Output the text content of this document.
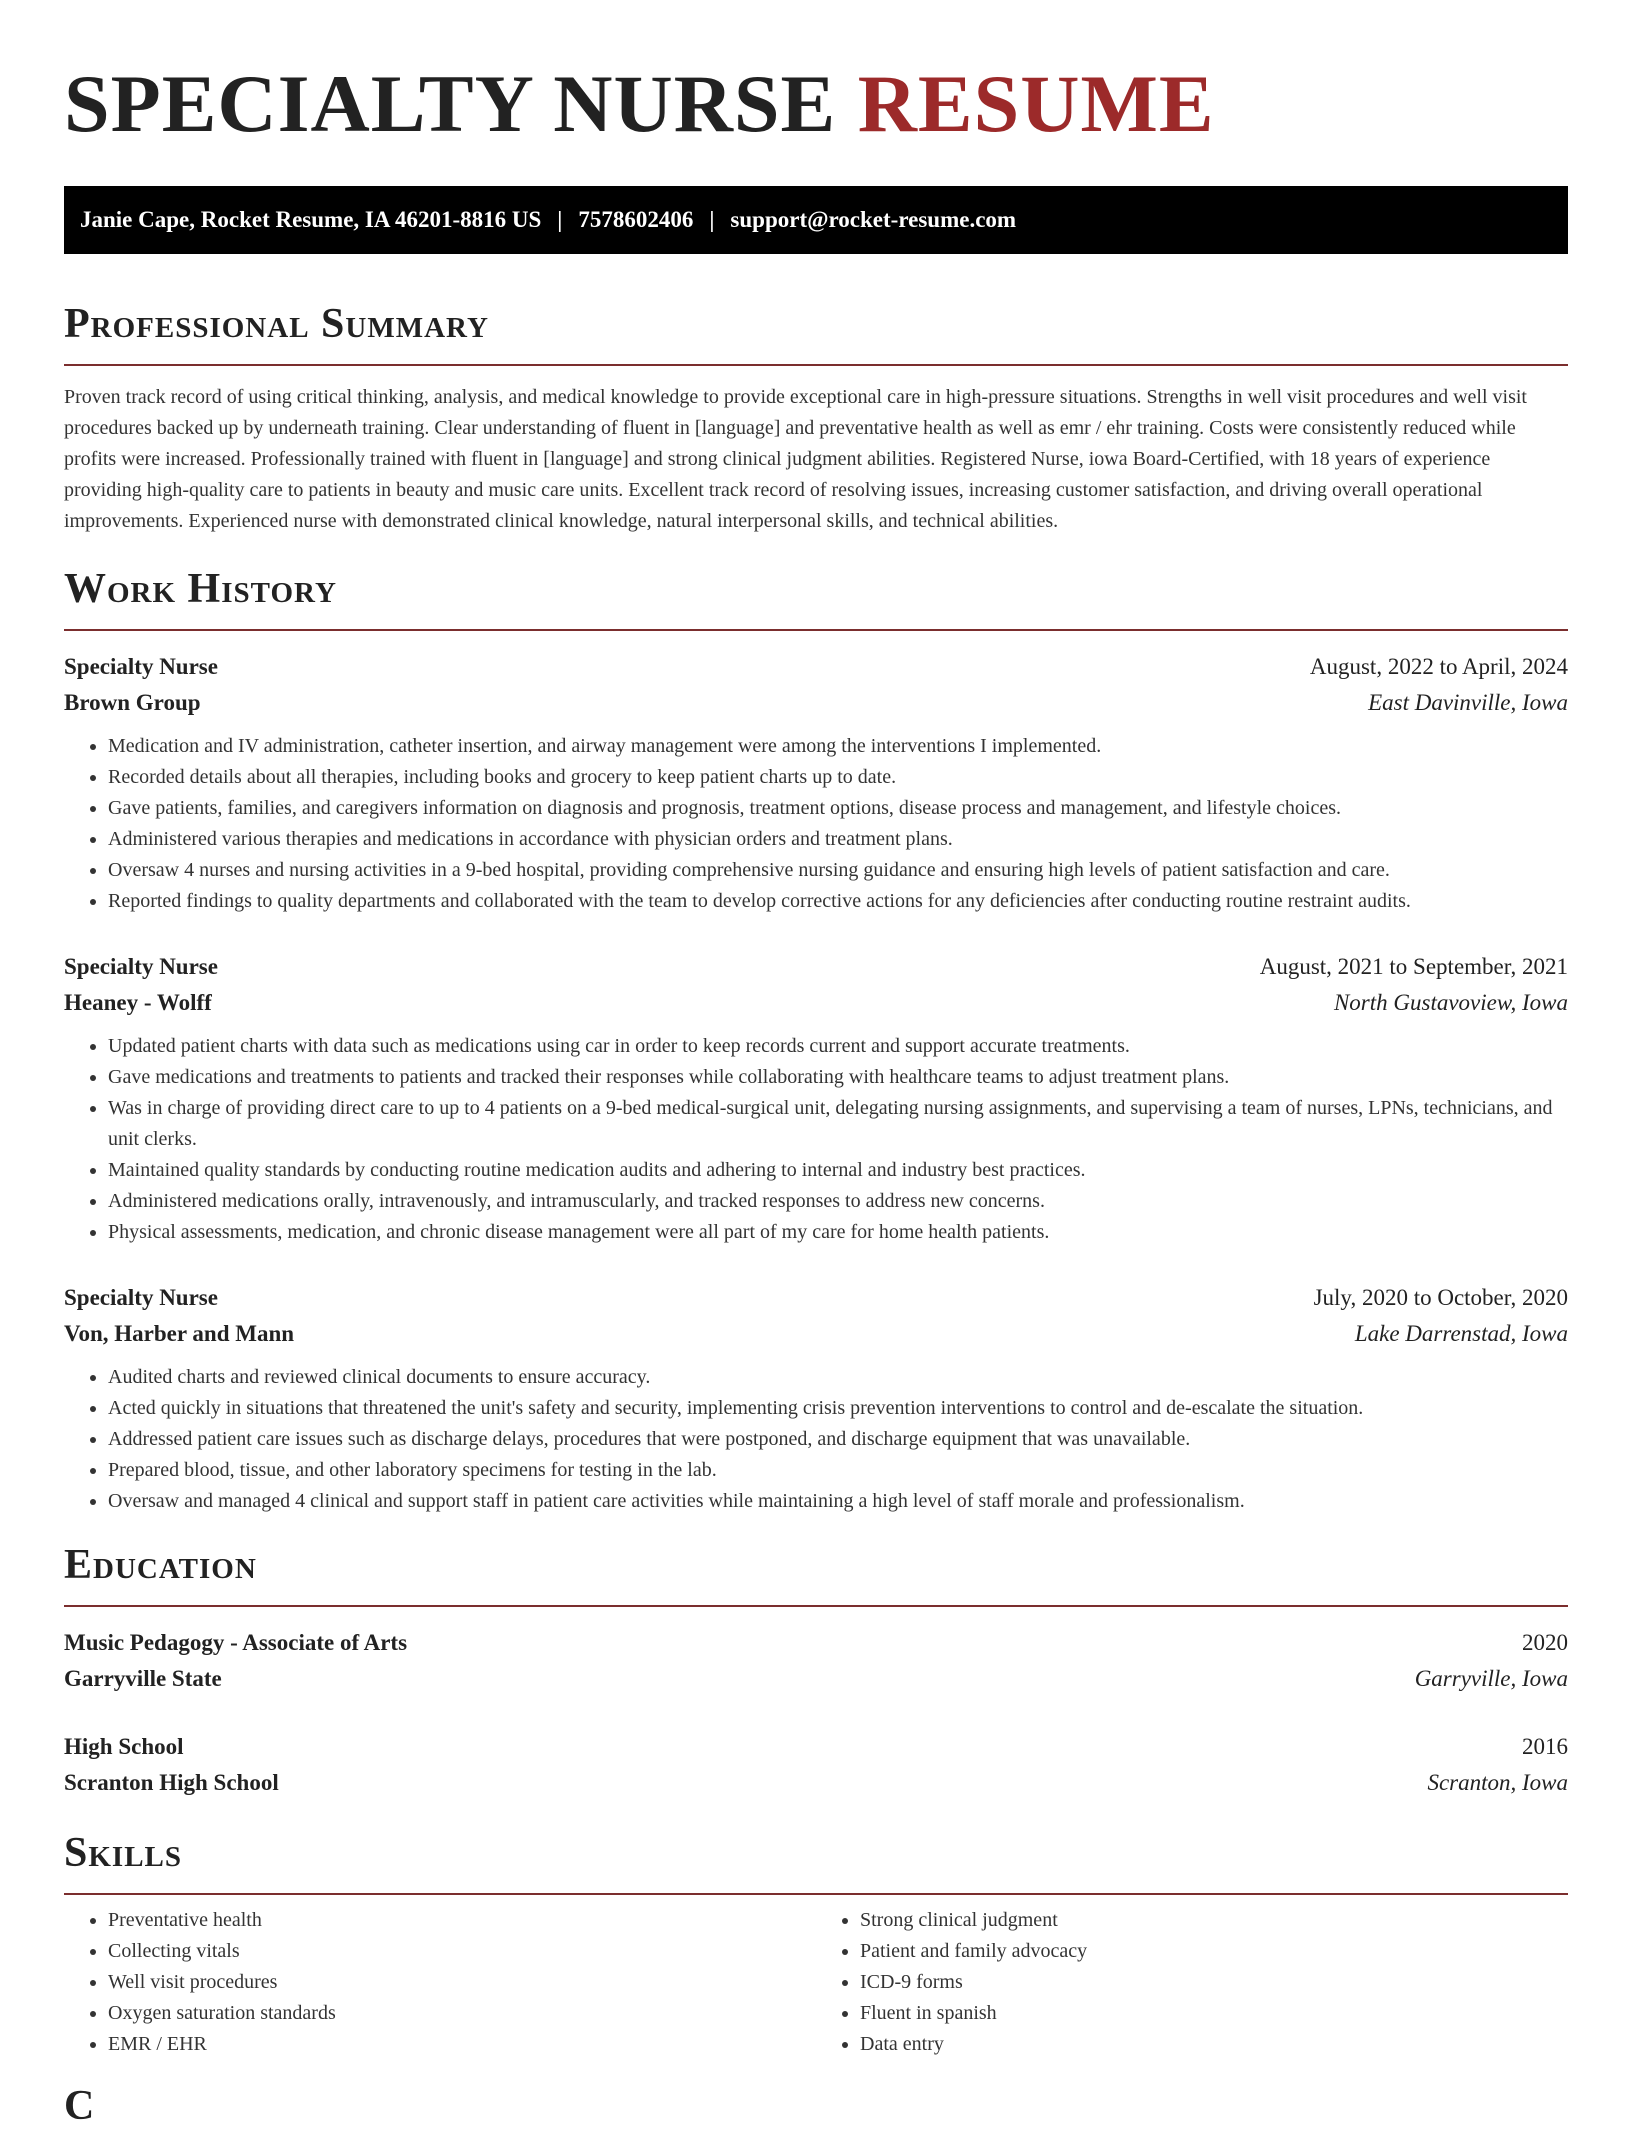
SPECIALTY NURSE RESUME
Janie Cape, Rocket Resume, IA 46201-8816 US | 7578602406 | support@rocket-resume.com
Professional Summary
Proven track record of using critical thinking, analysis, and medical knowledge to provide exceptional care in high-pressure situations. Strengths in well visit procedures and well visit procedures backed up by underneath training. Clear understanding of fluent in [language] and preventative health as well as emr / ehr training. Costs were consistently reduced while profits were increased. Professionally trained with fluent in [language] and strong clinical judgment abilities. Registered Nurse, iowa Board-Certified, with 18 years of experience providing high-quality care to patients in beauty and music care units. Excellent track record of resolving issues, increasing customer satisfaction, and driving overall operational improvements. Experienced nurse with demonstrated clinical knowledge, natural interpersonal skills, and technical abilities.
Work History
Specialty Nurse	August, 2022 to April, 2024
Brown Group	East Davinville, Iowa
• Medication and IV administration, catheter insertion, and airway management were among the interventions I implemented.
• Recorded details about all therapies, including books and grocery to keep patient charts up to date.
• Gave patients, families, and caregivers information on diagnosis and prognosis, treatment options, disease process and management, and lifestyle choices.
• Administered various therapies and medications in accordance with physician orders and treatment plans.
• Oversaw 4 nurses and nursing activities in a 9-bed hospital, providing comprehensive nursing guidance and ensuring high levels of patient satisfaction and care.
• Reported findings to quality departments and collaborated with the team to develop corrective actions for any deficiencies after conducting routine restraint audits.
Specialty Nurse	August, 2021 to September, 2021
Heaney - Wolff	North Gustavoview, Iowa
• Updated patient charts with data such as medications using car in order to keep records current and support accurate treatments.
• Gave medications and treatments to patients and tracked their responses while collaborating with healthcare teams to adjust treatment plans.
• Was in charge of providing direct care to up to 4 patients on a 9-bed medical-surgical unit, delegating nursing assignments, and supervising a team of nurses, LPNs, technicians, and unit clerks.
• Maintained quality standards by conducting routine medication audits and adhering to internal and industry best practices.
• Administered medications orally, intravenously, and intramuscularly, and tracked responses to address new concerns.
• Physical assessments, medication, and chronic disease management were all part of my care for home health patients.
Specialty Nurse	July, 2020 to October, 2020
Von, Harber and Mann	Lake Darrenstad, Iowa
• Audited charts and reviewed clinical documents to ensure accuracy.
• Acted quickly in situations that threatened the unit's safety and security, implementing crisis prevention interventions to control and de-escalate the situation.
• Addressed patient care issues such as discharge delays, procedures that were postponed, and discharge equipment that was unavailable.
• Prepared blood, tissue, and other laboratory specimens for testing in the lab.
• Oversaw and managed 4 clinical and support staff in patient care activities while maintaining a high level of staff morale and professionalism.
Education
Music Pedagogy - Associate of Arts	2020
Garryville State	Garryville, Iowa
High School	2016
Scranton High School	Scranton, Iowa
Skills
• Preventative health
• Collecting vitals
• Well visit procedures
• Oxygen saturation standards
• EMR / EHR
• Strong clinical judgment
• Patient and family advocacy
• ICD-9 forms
• Fluent in spanish
• Data entry
C
